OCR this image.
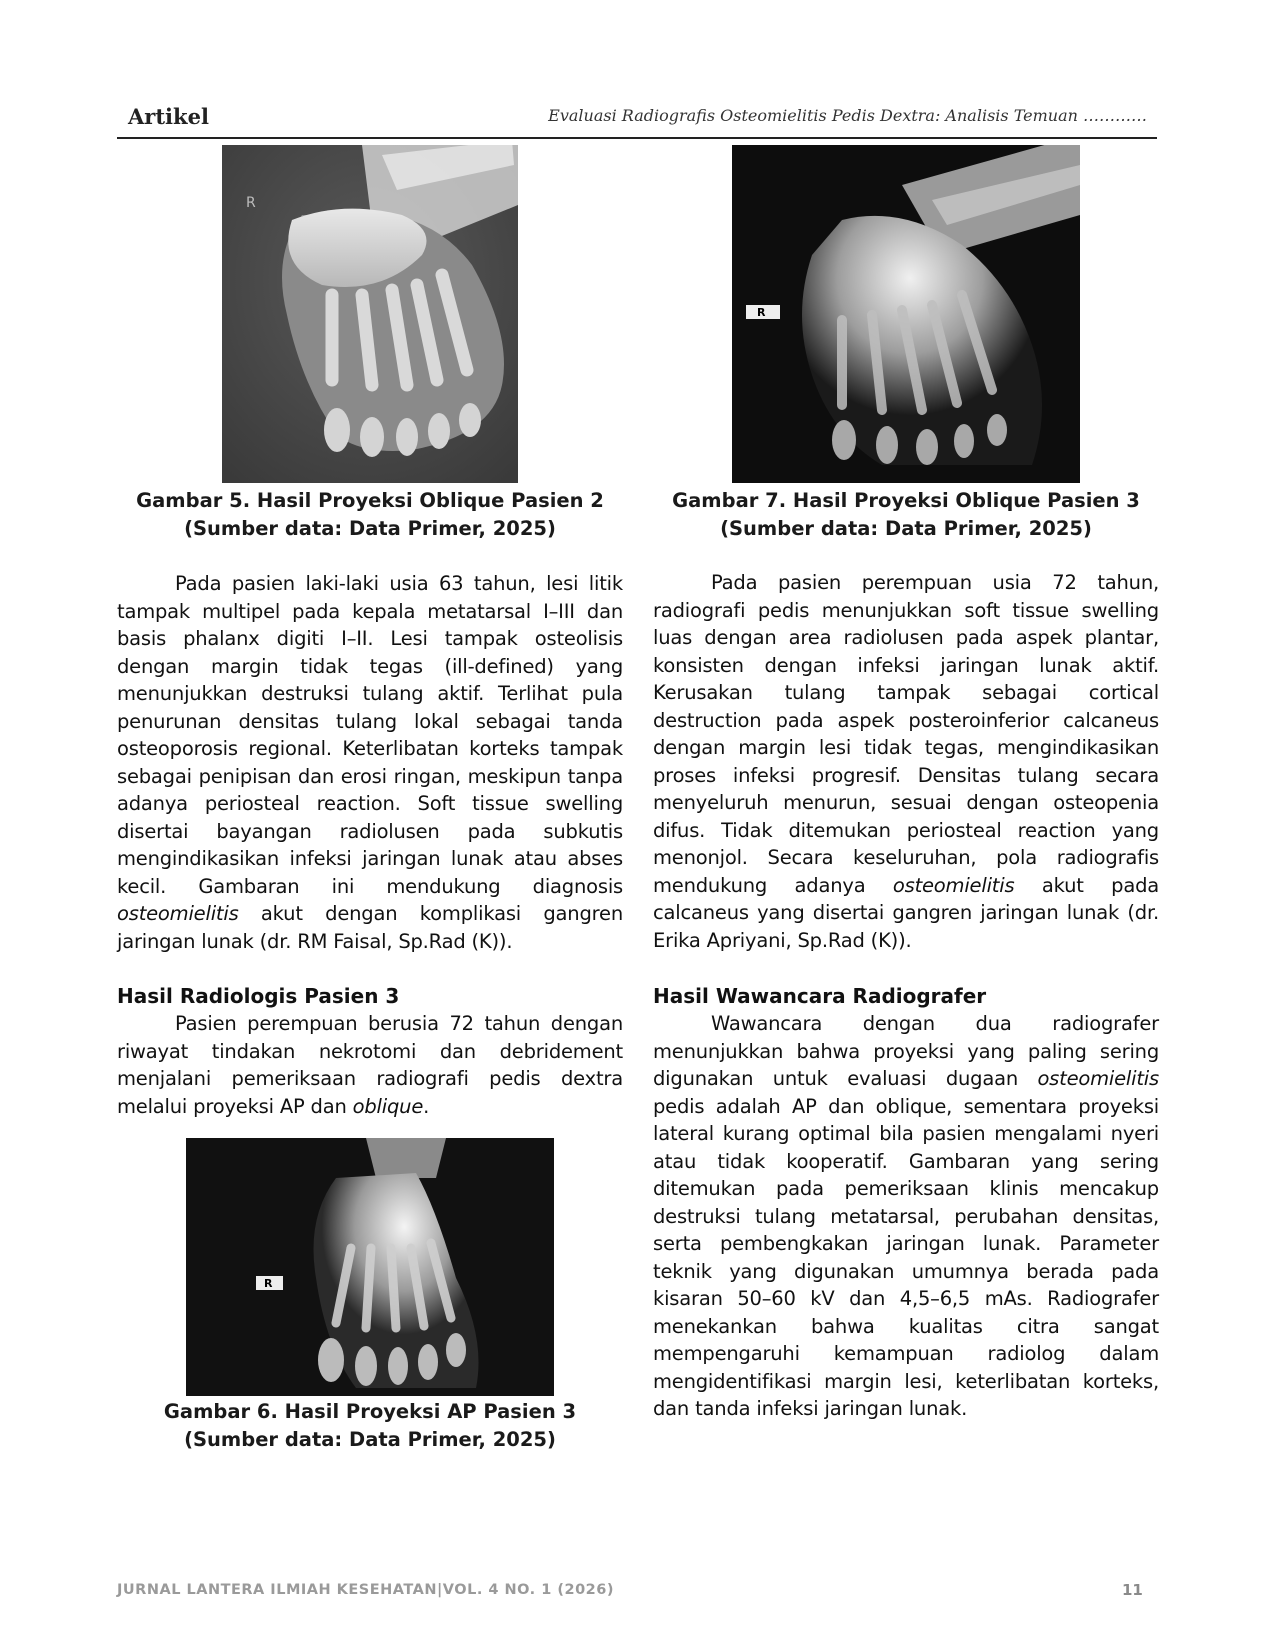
Artikel	Evaluasi Radiografis Osteomielitis Pedis Dextra: Analisis Temuan …………
R
Gambar 5. Hasil Proyeksi Oblique Pasien 2
(Sumber data: Data Primer, 2025)

Pada pasien laki-laki usia 63 tahun, lesi litik tampak multipel pada kepala metatarsal I–III dan basis phalanx digiti I–II. Lesi tampak osteolisis dengan margin tidak tegas (ill-defined) yang menunjukkan destruksi tulang aktif. Terlihat pula penurunan densitas tulang lokal sebagai tanda osteoporosis regional. Keterlibatan korteks tampak sebagai penipisan dan erosi ringan, meskipun tanpa adanya periosteal reaction. Soft tissue swelling disertai bayangan radiolusen pada subkutis mengindikasikan infeksi jaringan lunak atau abses kecil. Gambaran ini mendukung diagnosis osteomielitis akut dengan komplikasi gangren jaringan lunak (dr. RM Faisal, Sp.Rad (K)).

Hasil Radiologis Pasien 3

Pasien perempuan berusia 72 tahun dengan riwayat tindakan nekrotomi dan debridement menjalani pemeriksaan radiografi pedis dextra melalui proyeksi AP dan oblique.

R
Gambar 6. Hasil Proyeksi AP Pasien 3
(Sumber data: Data Primer, 2025)
R
Gambar 7. Hasil Proyeksi Oblique Pasien 3
(Sumber data: Data Primer, 2025)

Pada pasien perempuan usia 72 tahun, radiografi pedis menunjukkan soft tissue swelling luas dengan area radiolusen pada aspek plantar, konsisten dengan infeksi jaringan lunak aktif. Kerusakan tulang tampak sebagai cortical destruction pada aspek posteroinferior calcaneus dengan margin lesi tidak tegas, mengindikasikan proses infeksi progresif. Densitas tulang secara menyeluruh menurun, sesuai dengan osteopenia difus. Tidak ditemukan periosteal reaction yang menonjol. Secara keseluruhan, pola radiografis mendukung adanya osteomielitis akut pada calcaneus yang disertai gangren jaringan lunak (dr. Erika Apriyani, Sp.Rad (K)).

Hasil Wawancara Radiografer

Wawancara dengan dua radiografer menunjukkan bahwa proyeksi yang paling sering digunakan untuk evaluasi dugaan osteomielitis pedis adalah AP dan oblique, sementara proyeksi lateral kurang optimal bila pasien mengalami nyeri atau tidak kooperatif. Gambaran yang sering ditemukan pada pemeriksaan klinis mencakup destruksi tulang metatarsal, perubahan densitas, serta pembengkakan jaringan lunak. Parameter teknik yang digunakan umumnya berada pada kisaran 50–60 kV dan 4,5–6,5 mAs. Radiografer menekankan bahwa kualitas citra sangat mempengaruhi kemampuan radiolog dalam mengidentifikasi margin lesi, keterlibatan korteks, dan tanda infeksi jaringan lunak.

JURNAL LANTERA ILMIAH KESEHATAN|VOL. 4 NO. 1 (2026)	11
